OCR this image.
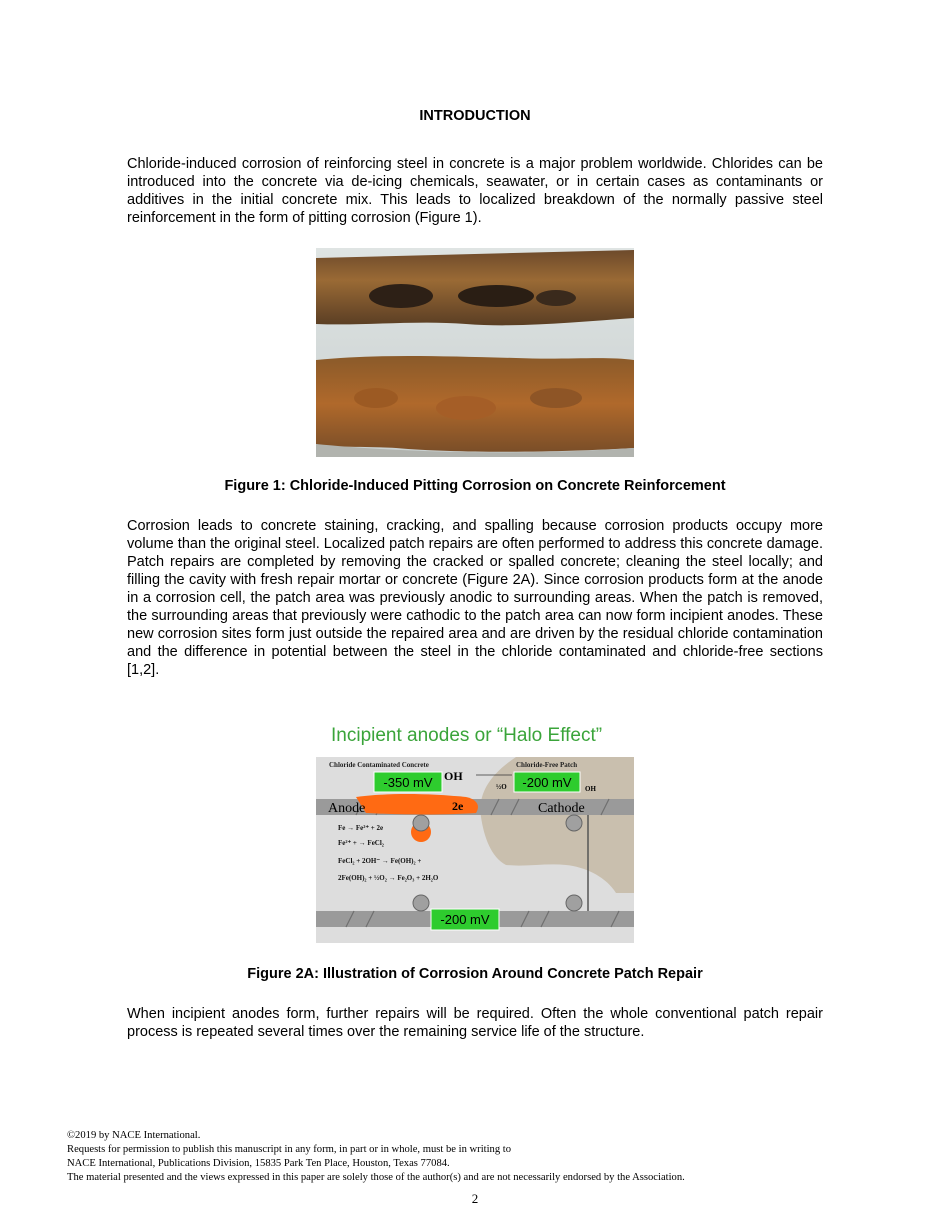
INTRODUCTION

Chloride-induced corrosion of reinforcing steel in concrete is a major problem worldwide. Chlorides can be introduced into the concrete via de-icing chemicals, seawater, or in certain cases as contaminants or additives in the initial concrete mix. This leads to localized breakdown of the normally passive steel reinforcement in the form of pitting corrosion (Figure 1).

Figure 1: Chloride-Induced Pitting Corrosion on Concrete Reinforcement

Corrosion leads to concrete staining, cracking, and spalling because corrosion products occupy more volume than the original steel. Localized patch repairs are often performed to address this concrete damage. Patch repairs are completed by removing the cracked or spalled concrete; cleaning the steel locally; and filling the cavity with fresh repair mortar or concrete (Figure 2A). Since corrosion products form at the anode in a corrosion cell, the patch area was previously anodic to surrounding areas. When the patch is removed, the surrounding areas that previously were cathodic to the patch area can now form incipient anodes. These new corrosion sites form just outside the repaired area and are driven by the residual chloride contamination and the difference in potential between the steel in the chloride contaminated and chloride-free sections [1,2].

Incipient anodes or “Halo Effect”
Chloride Contaminated Concrete	Chloride-Free Patch
-350 mV OH
½O -200 mV OH
2e
Anode	Cathode
Fe → Fe²⁺ + 2e
Fe²⁺ + → FeCl₂
FeCl₂ + 2OH⁻ → Fe(OH)₂ +
2Fe(OH)₂ + ½O₂ → Fe₂O₃ + 2H₂O
-200 mV
Figure 2A: Illustration of Corrosion Around Concrete Patch Repair

When incipient anodes form, further repairs will be required. Often the whole conventional patch repair process is repeated several times over the remaining service life of the structure.

©2019 by NACE International.
Requests for permission to publish this manuscript in any form, in part or in whole, must be in writing to
NACE International, Publications Division, 15835 Park Ten Place, Houston, Texas 77084.
The material presented and the views expressed in this paper are solely those of the author(s) and are not necessarily endorsed by the Association.
2
